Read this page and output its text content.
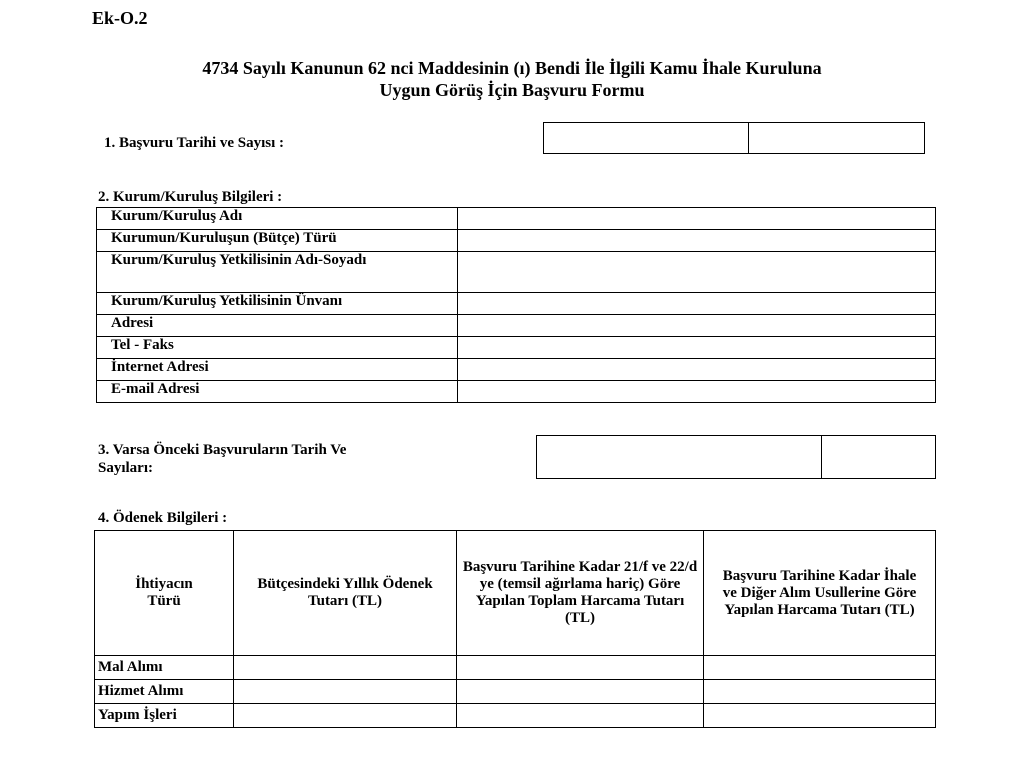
Ek-O.2
4734 Sayılı Kanunun 62 nci Maddesinin (ı) Bendi İle İlgili Kamu İhale Kuruluna
Uygun Görüş İçin Başvuru Formu
1. Başvuru Tarihi ve Sayısı :

2. Kurum/Kuruluş Bilgileri :
Kurum/Kuruluş Adı	
Kurumun/Kuruluşun (Bütçe) Türü	

Kurum/Kuruluş Yetkilisinin Adı-Soyadı	

Kurum/Kuruluş Yetkilisinin Ünvanı	
Adresi	
Tel - Faks	
İnternet Adresi	
E-mail Adresi	
3. Varsa Önceki Başvuruların Tarih Ve
Sayıları:

4. Ödenek Bilgileri :
İhtiyacın Türü	Bütçesindeki Yıllık Ödenek Tutarı (TL)	Başvuru Tarihine Kadar 21/f ve 22/d ye (temsil ağırlama hariç) Göre Yapılan Toplam Harcama Tutarı (TL)	Başvuru Tarihine Kadar İhale ve Diğer Alım Usullerine Göre Yapılan Harcama Tutarı (TL)

Mal Alımı			
Hizmet Alımı			
Yapım İşleri			
